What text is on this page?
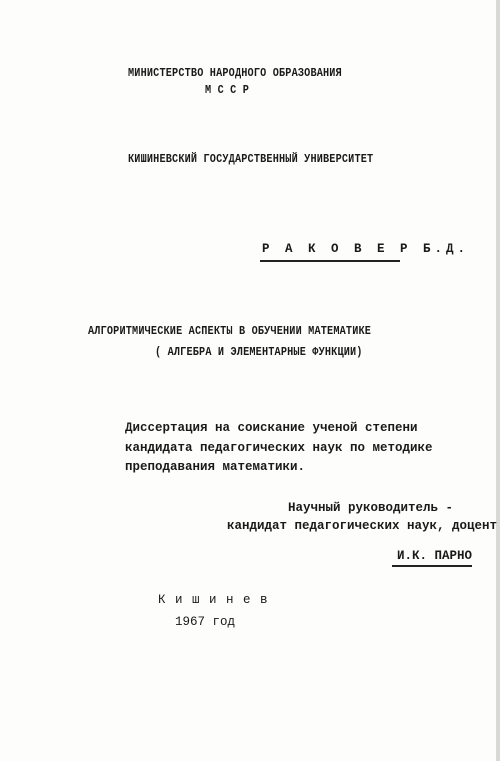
МИНИСТЕРСТВО НАРОДНОГО ОБРАЗОВАНИЯ
М С С Р
КИШИНЕВСКИЙ ГОСУДАРСТВЕННЫЙ УНИВЕРСИТЕТ
Р А К О В Е Р Б.Д.
АЛГОРИТМИЧЕСКИЕ АСПЕКТЫ В ОБУЧЕНИИ МАТЕМАТИКЕ
( АЛГЕБРА И ЭЛЕМЕНТАРНЫЕ ФУНКЦИИ)
Диссертация на соискание ученой степени
кандидата педагогических наук по методике
преподавания математики.
Научный руководитель -
кандидат педагогических наук, доцент
И.К. ПАРНО
К и ш и н е в
1967 год
